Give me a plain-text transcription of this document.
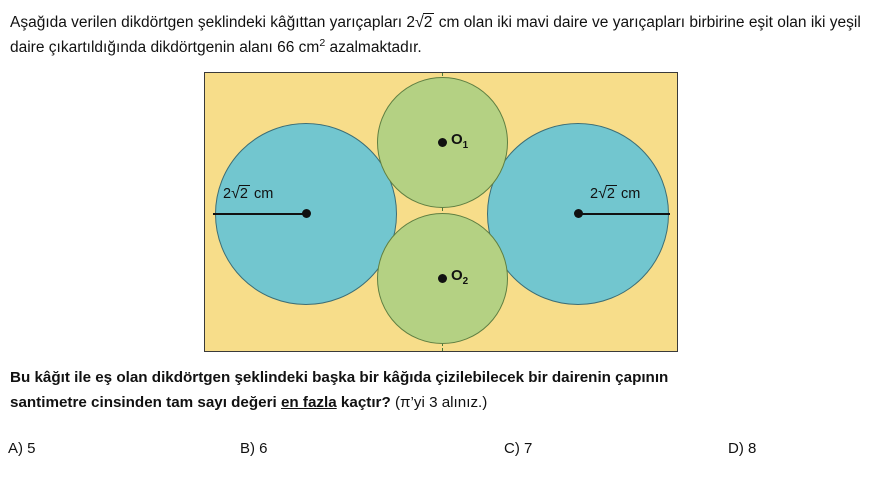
Aşağıda verilen dikdörtgen şeklindeki kâğıttan yarıçapları 2√2 cm olan iki mavi daire ve yarıçapları birbirine eşit olan iki yeşil daire çıkartıldığında dikdörtgenin alanı 66 $cm^2$ azalmaktadır.

2√2 cm	2√2 cm
$O_1$
$O_2$
Bu kâğıt ile eş olan dikdörtgen şeklindeki başka bir kâğıda çizilebilecek bir dairenin çapının
santimetre cinsinden tam sayı değeri en fazla kaçtır? (π’yi 3 alınız.)
A) 5	B) 6	C) 7	D) 8
